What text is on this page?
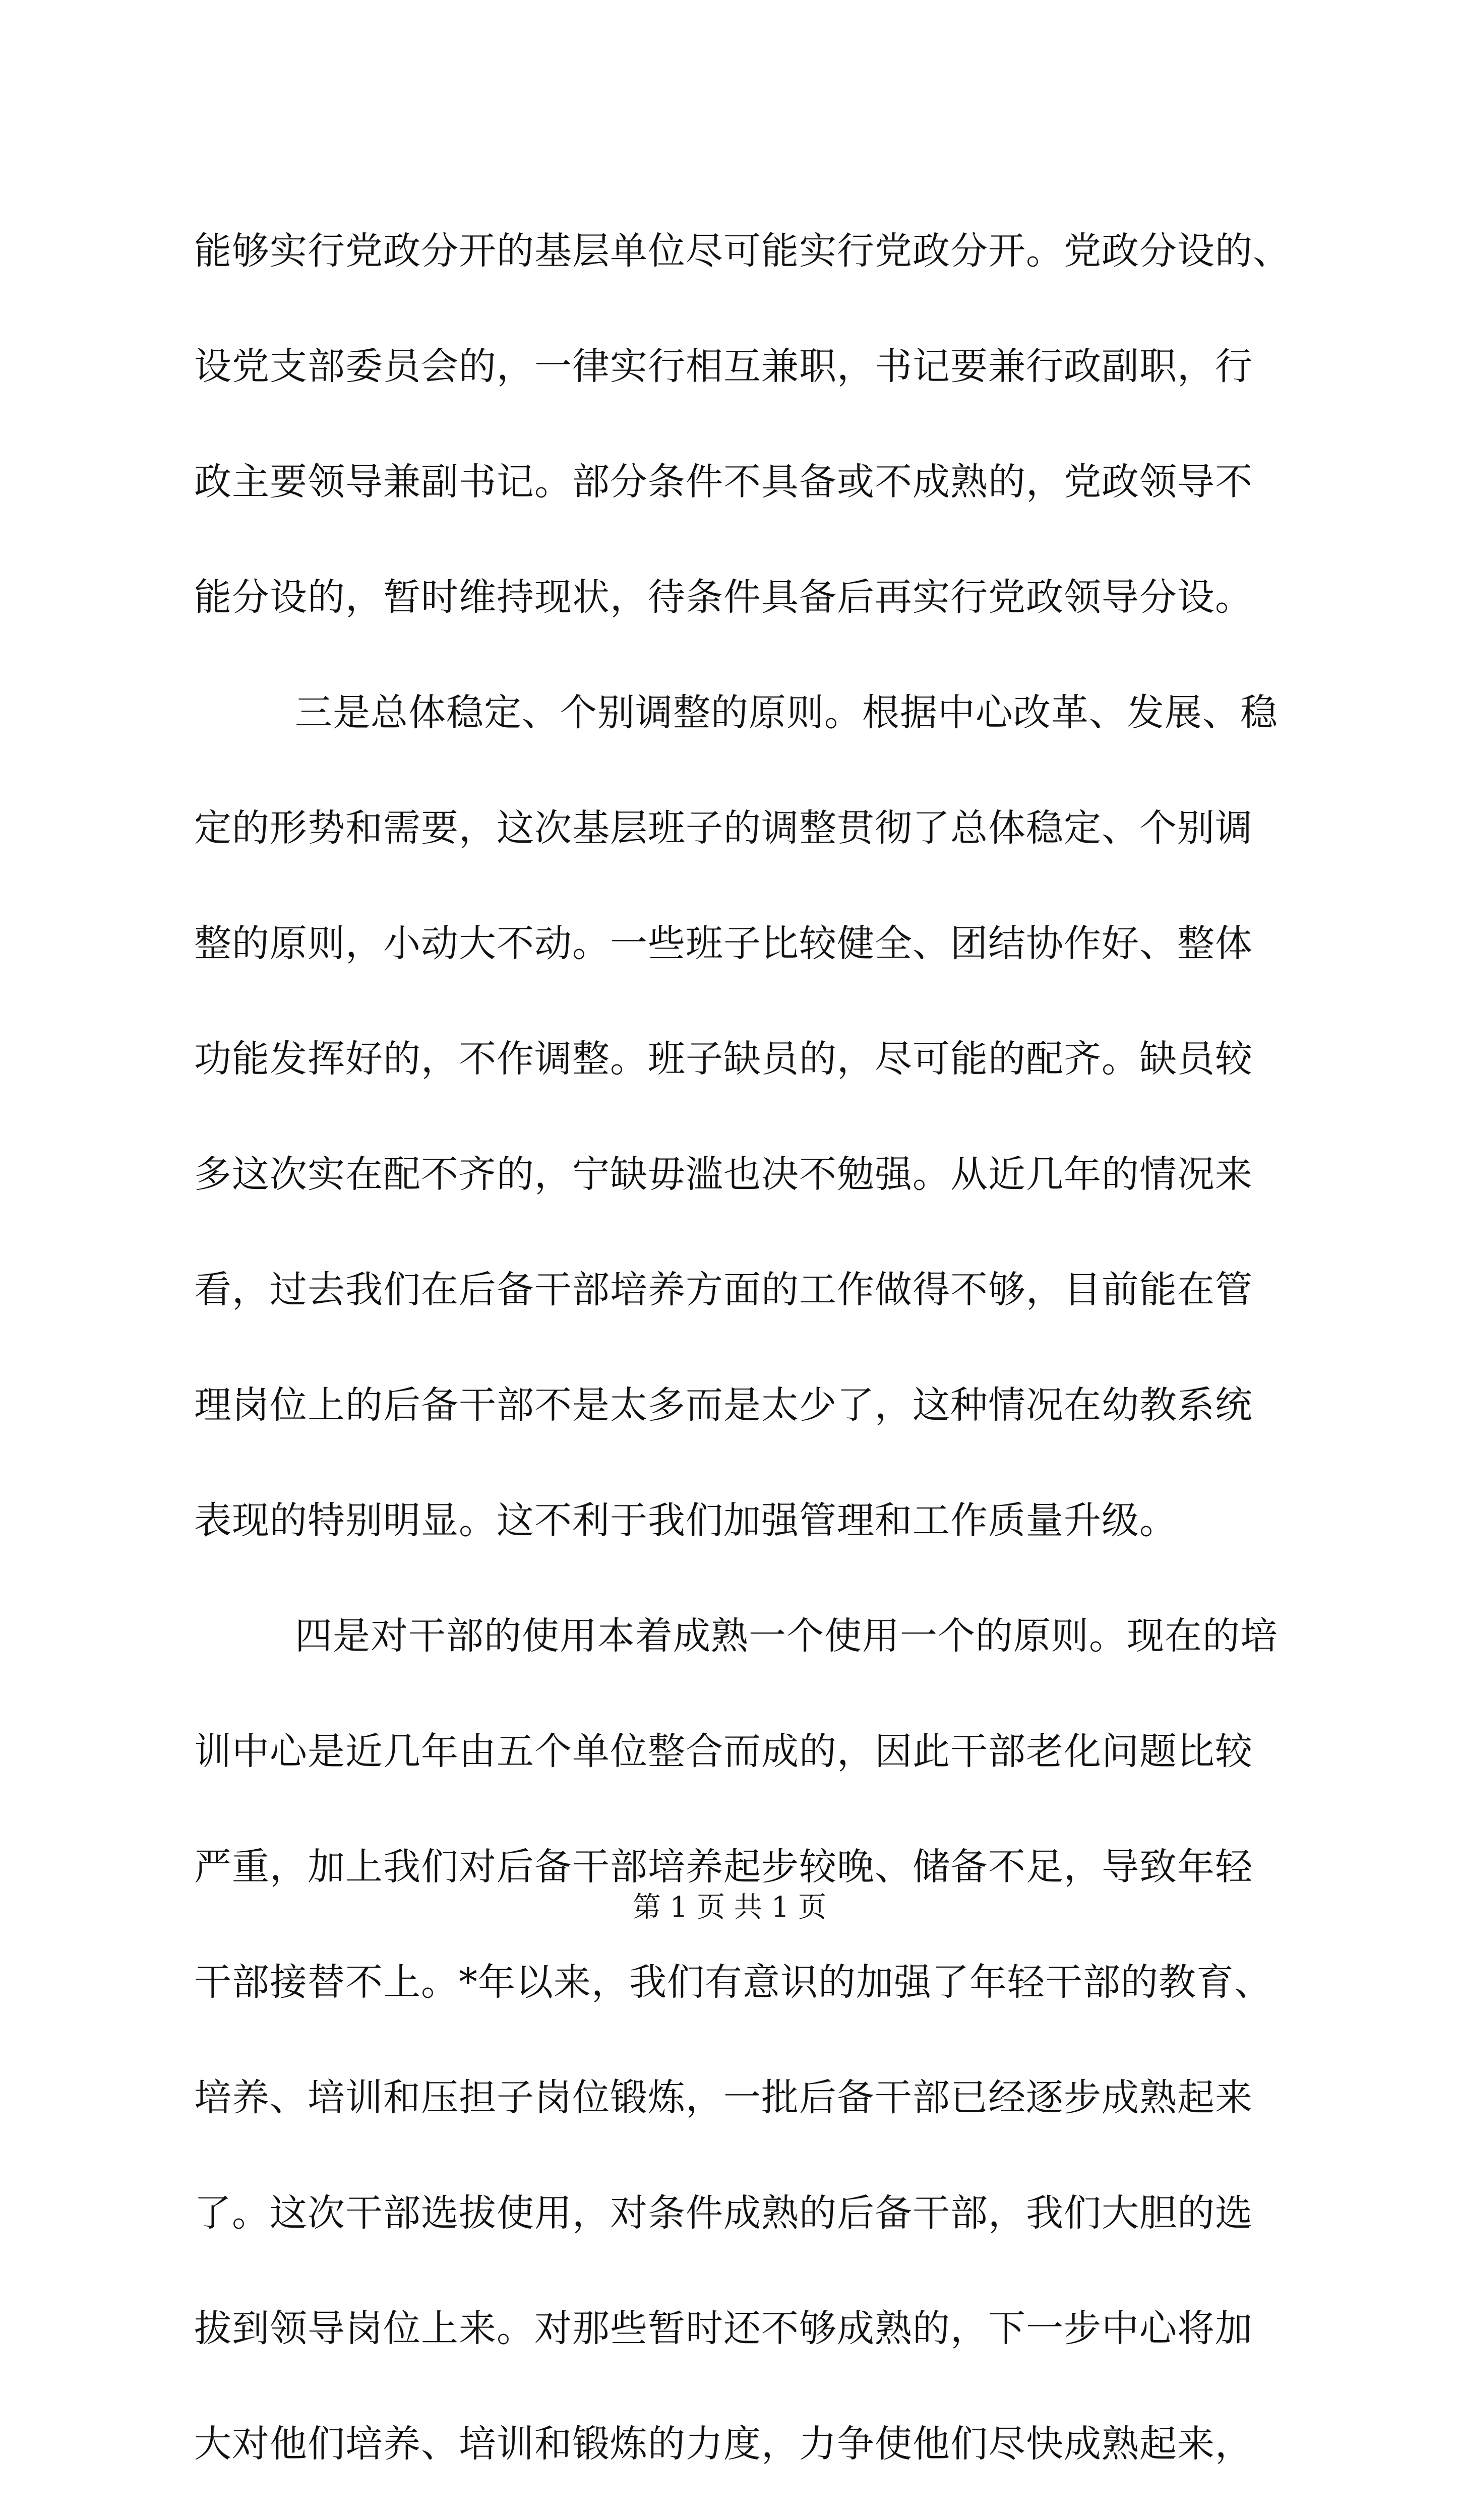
能够实行党政分开的基层单位尽可能实行党政分开。党政分设的、
设党支部委员会的，一律实行相互兼职，书记要兼行政副职，行
政主要领导兼副书记。部分条件不具备或不成熟的，党政领导不
能分设的，暂时维持现状，待条件具备后再实行党政领导分设。
三是总体稳定、个别调整的原则。根据中心改革、发展、稳
定的形势和需要，这次基层班子的调整贯彻了总体稳定、个别调
整的原则，小动大不动。一些班子比较健全、团结协作好、整体
功能发挥好的，不作调整。班子缺员的，尽可能的配齐。缺员较
多这次实在配不齐的，宁缺毋滥也决不勉强。从近几年的情况来
看，过去我们在后备干部培养方面的工作做得不够，目前能在管
理岗位上的后备干部不是太多而是太少了，这种情况在幼教系统
表现的特别明显。这不利于我们加强管理和工作质量升级。
四是对干部的使用本着成熟一个使用一个的原则。现在的培
训中心是近几年由五个单位整合而成的，因此干部老化问题比较
严重，加上我们对后备干部培养起步较晚、储备不足，导致年轻
干部接替不上。*年以来，我们有意识的加强了年轻干部的教育、
培养、培训和压担子岗位锻炼，一批后备干部已经逐步成熟起来
了。这次干部选拔使用，对条件成熟的后备干部，我们大胆的选
拔到领导岗位上来。对那些暂时还不够成熟的，下一步中心将加
大对他们培养、培训和锻炼的力度，力争使他们尽快成熟起来，
第 1 页 共 1 页
